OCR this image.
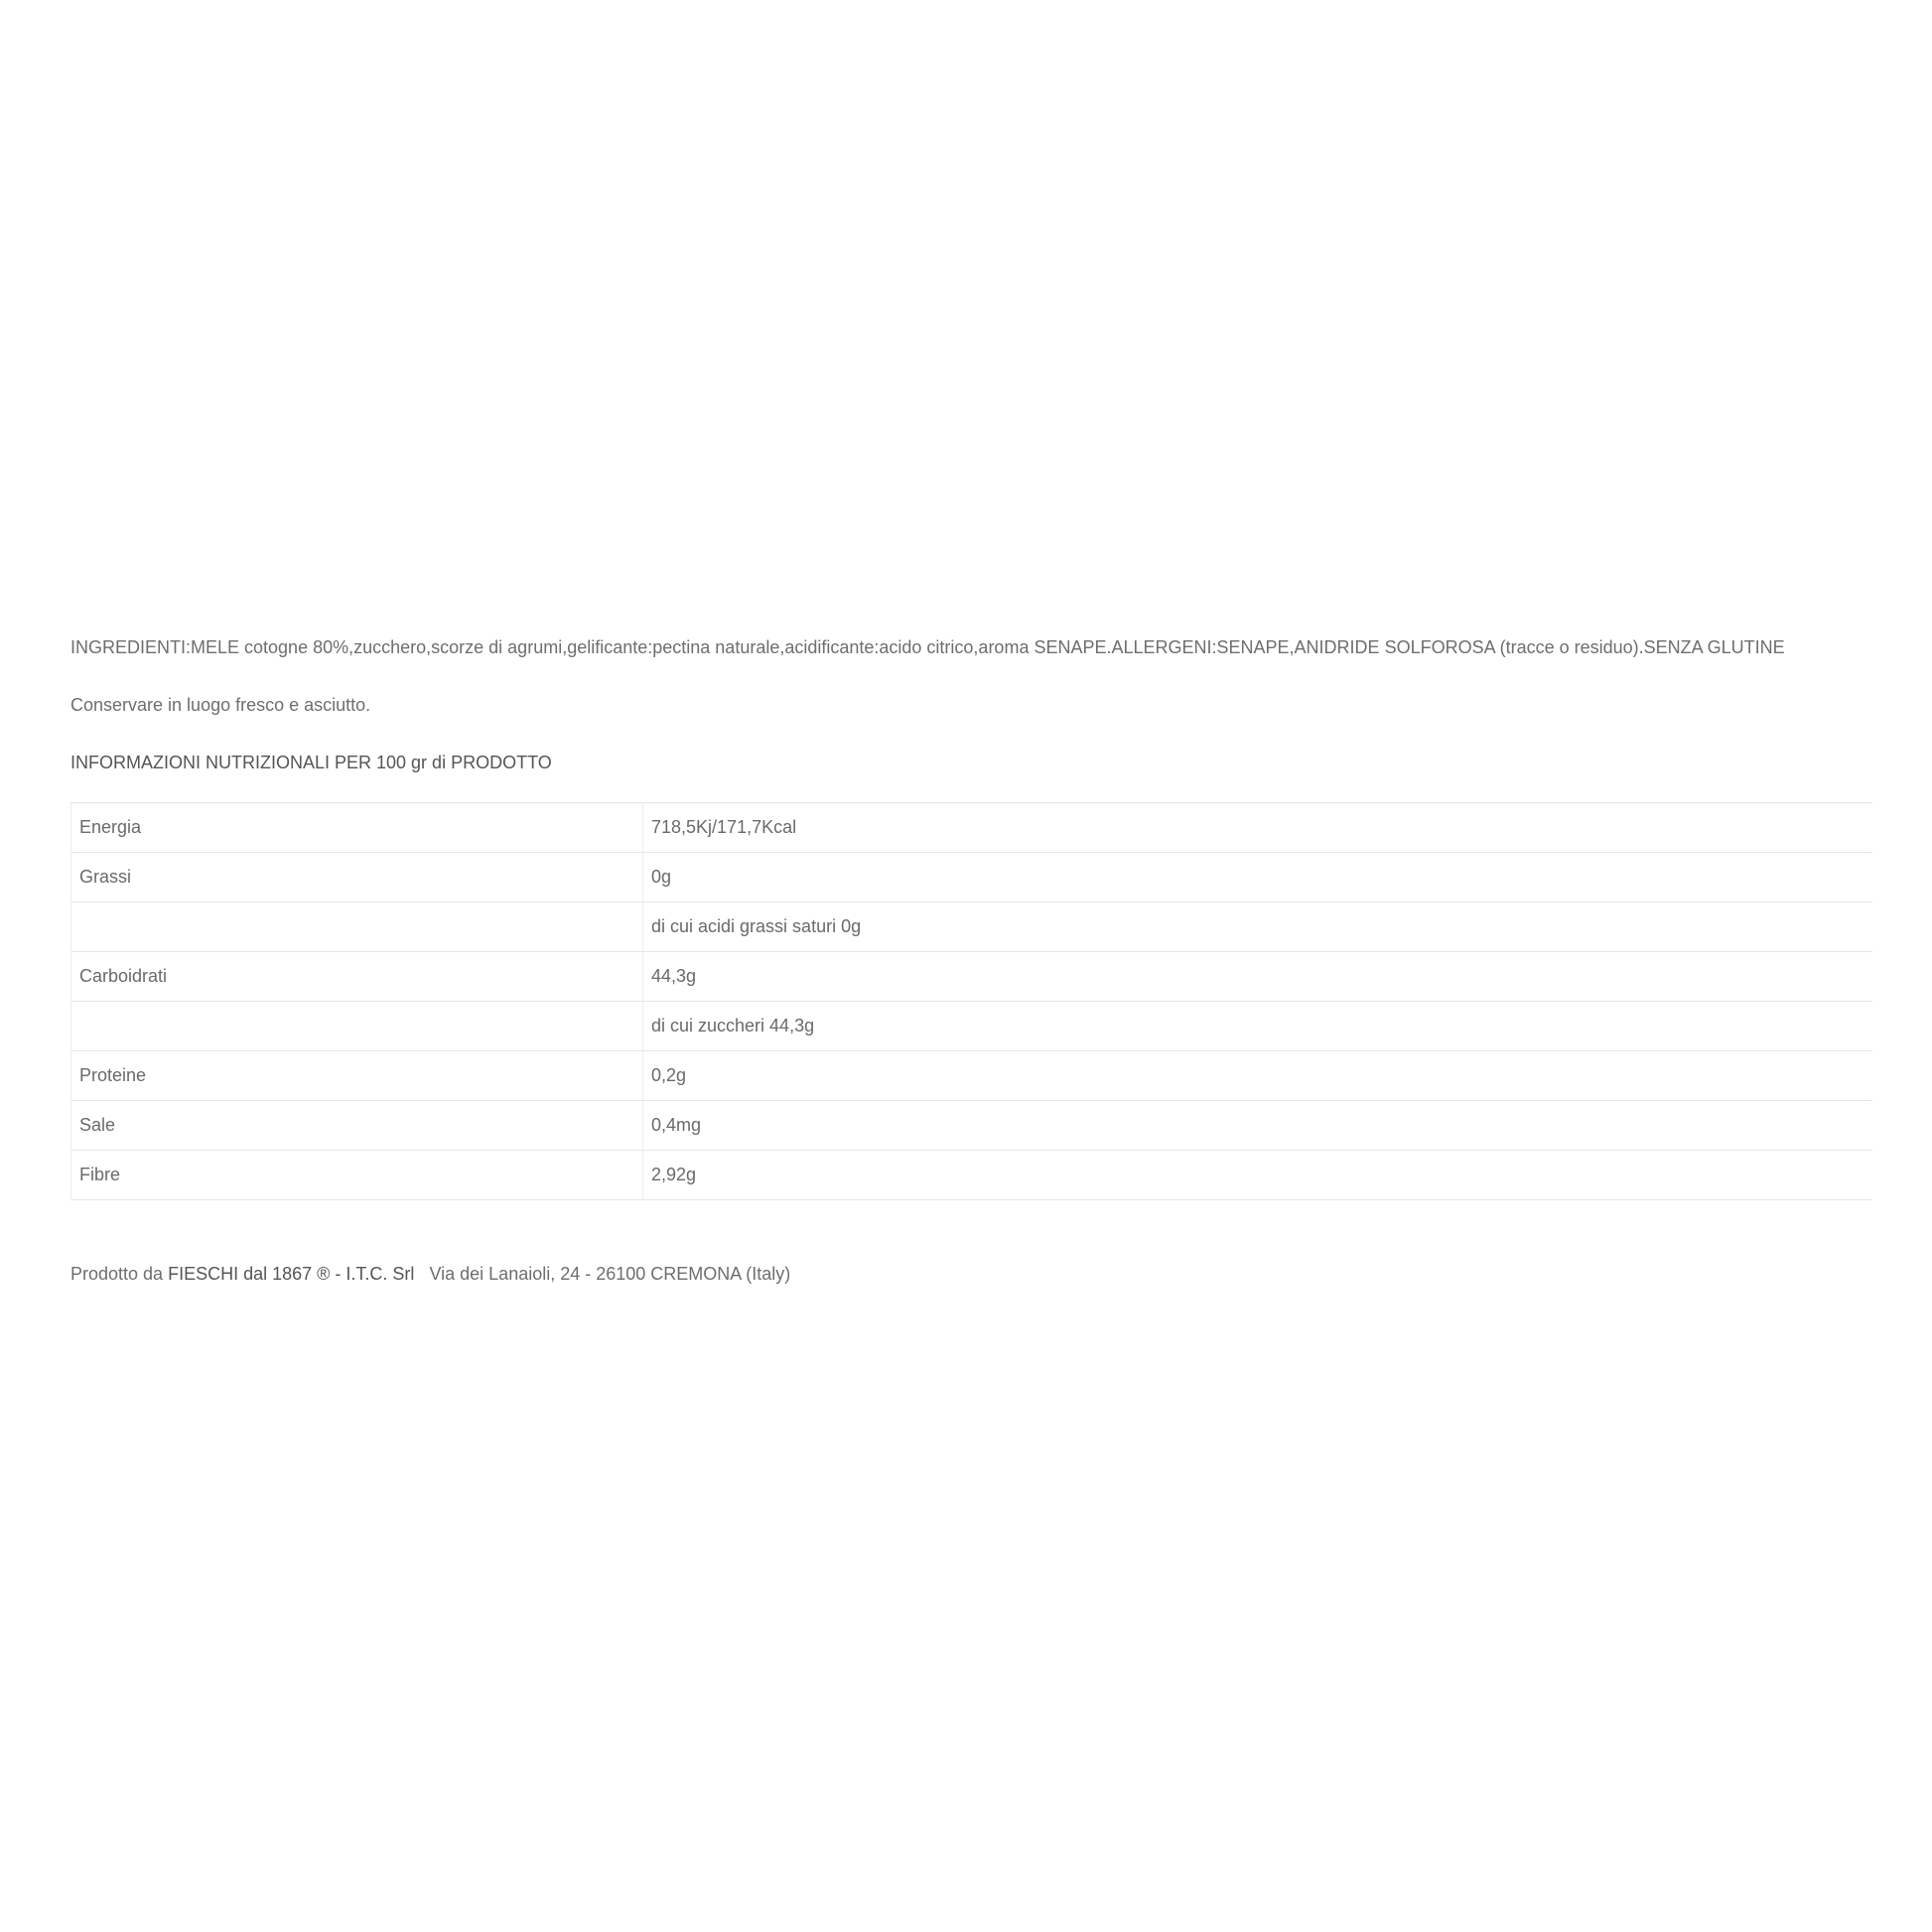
INGREDIENTI:MELE cotogne 80%,zucchero,scorze di agrumi,gelificante:pectina naturale,acidificante:acido citrico,aroma SENAPE.ALLERGENI:SENAPE,ANIDRIDE SOLFOROSA (tracce o residuo).SENZA GLUTINE

Conservare in luogo fresco e asciutto.

INFORMAZIONI NUTRIZIONALI PER 100 gr di PRODOTTO

Energia	718,5Kj/171,7Kcal
Grassi	0g
	di cui acidi grassi saturi 0g
Carboidrati	44,3g
	di cui zuccheri 44,3g
Proteine	0,2g
Sale	0,4mg
Fibre	2,92g
Prodotto da FIESCHI dal 1867 ® - I.T.C. Srl Via dei Lanaioli, 24 - 26100 CREMONA (Italy)
